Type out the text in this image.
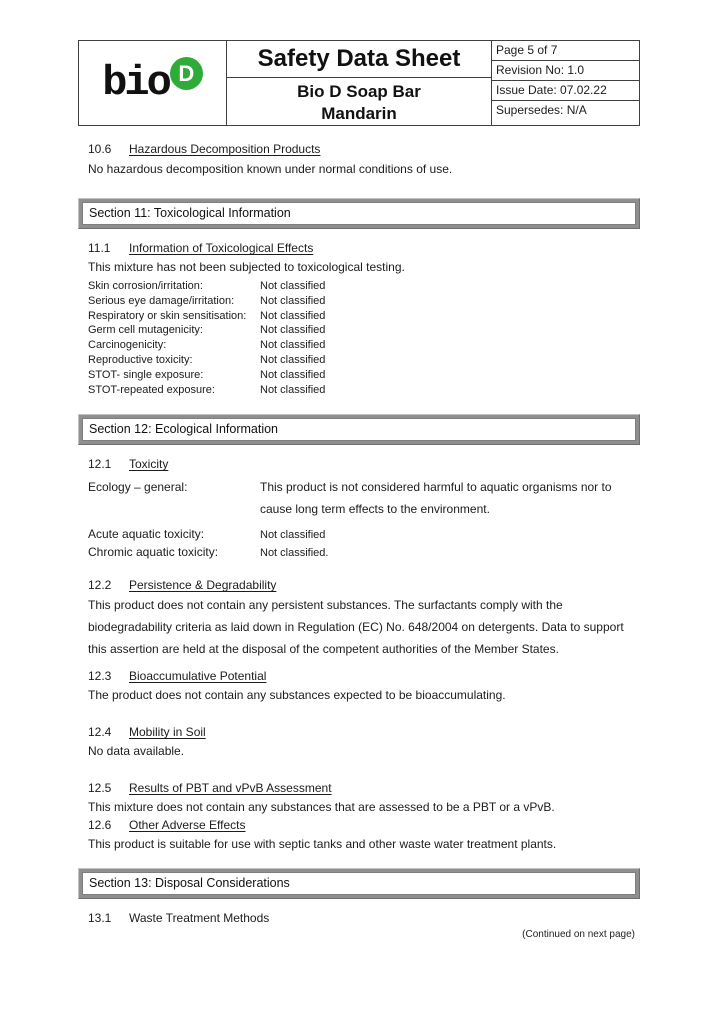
bio D
Safety Data Sheet
Bio D Soap Bar
Mandarin
Page 5 of 7
Revision No: 1.0
Issue Date: 07.02.22
Supersedes: N/A
10.6	Hazardous Decomposition Products
No hazardous decomposition known under normal conditions of use.
Section 11: Toxicological Information
11.1	Information of Toxicological Effects
This mixture has not been subjected to toxicological testing.
Skin corrosion/irritation:	Not classified
Serious eye damage/irritation:	Not classified
Respiratory or skin sensitisation:	Not classified
Germ cell mutagenicity:	Not classified
Carcinogenicity:	Not classified
Reproductive toxicity:	Not classified
STOT- single exposure:	Not classified
STOT-repeated exposure:	Not classified
Section 12: Ecological Information
12.1	Toxicity
Ecology – general:	This product is not considered harmful to aquatic organisms nor to cause long term effects to the environment.
Acute aquatic toxicity:	Not classified
Chromic aquatic toxicity:	Not classified.
12.2	Persistence & Degradability
This product does not contain any persistent substances. The surfactants comply with the biodegradability criteria as laid down in Regulation (EC) No. 648/2004 on detergents. Data to support this assertion are held at the disposal of the competent authorities of the Member States.
12.3	Bioaccumulative Potential
The product does not contain any substances expected to be bioaccumulating.
12.4	Mobility in Soil
No data available.
12.5	Results of PBT and vPvB Assessment
This mixture does not contain any substances that are assessed to be a PBT or a vPvB.
12.6	Other Adverse Effects
This product is suitable for use with septic tanks and other waste water treatment plants.
Section 13: Disposal Considerations
13.1	Waste Treatment Methods
(Continued on next page)
